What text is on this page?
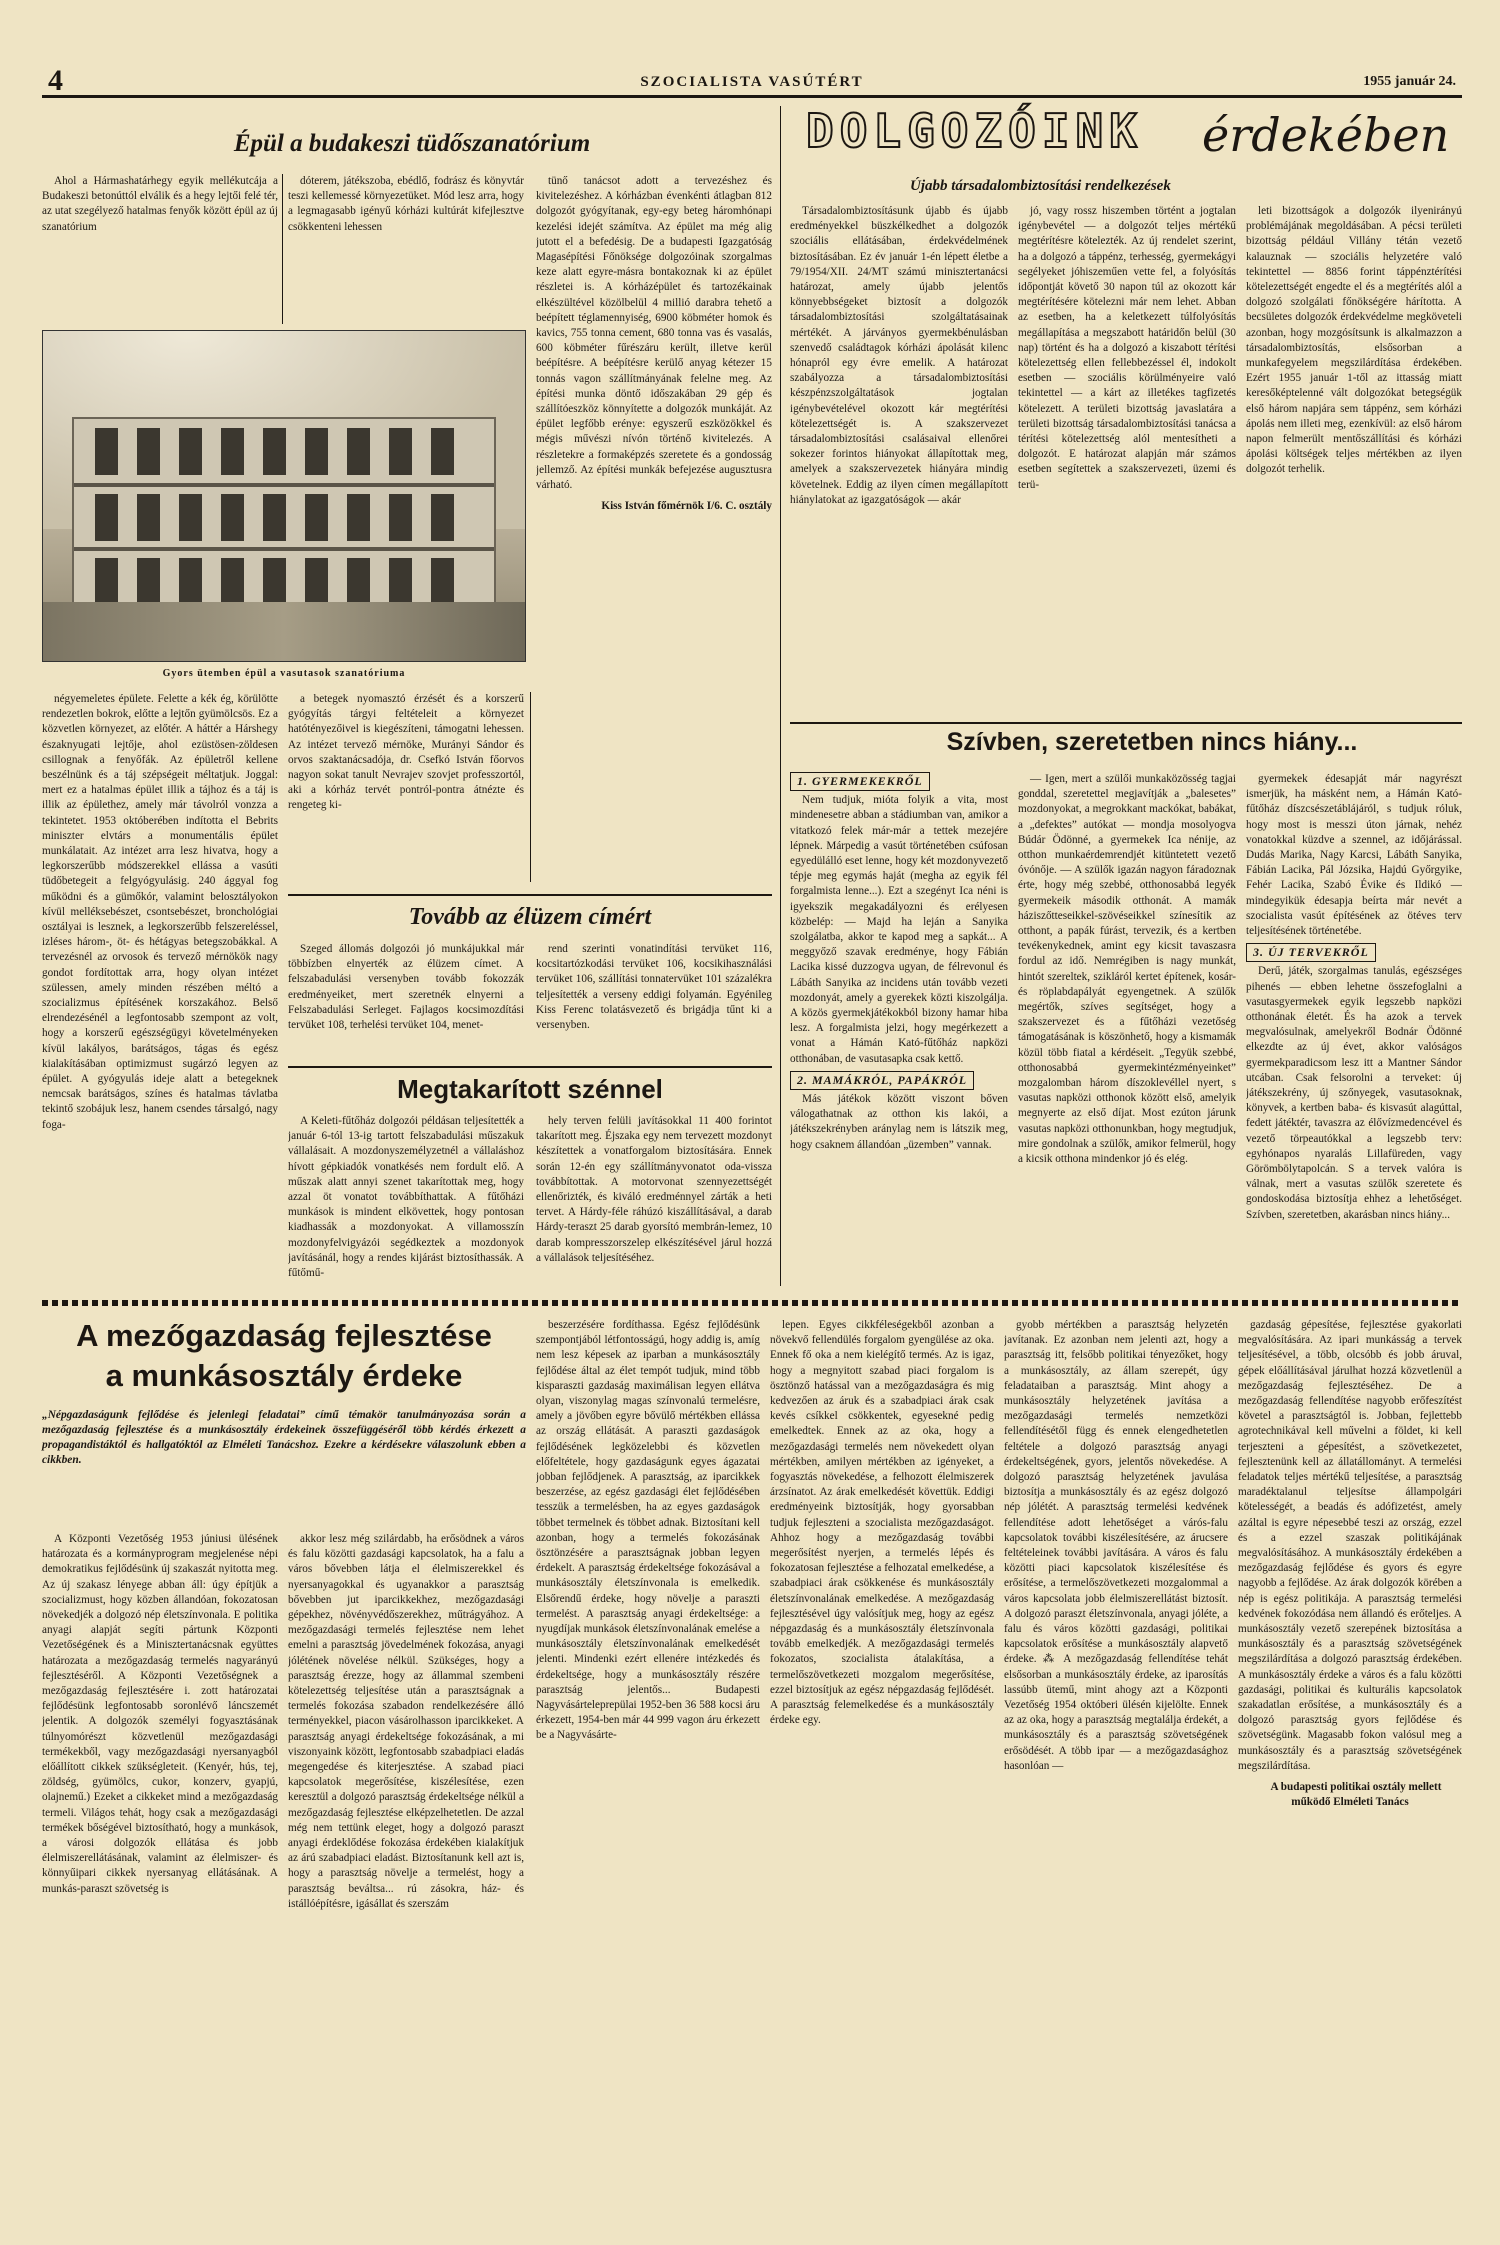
4	SZOCIALISTA VASÚTÉRT	1955 január 24.
Épül a budakeszi tüdőszanatórium

Ahol a Hármashatárhegy egyik mellékutcája a Budakeszi betonúttól elválik és a hegy lejtői felé tér, az utat szegélyező hatalmas fenyők között épül az új szanatórium

dóterem, játékszoba, ebédlő, fodrász és könyvtár teszi kellemessé környezetüket. Mód lesz arra, hogy a legmagasabb igényű kórházi kultúrát kifejlesztve csökkenteni lehessen

Gyors ütemben épül a vasutasok szanatóriuma

tünő tanácsot adott a tervezéshez és kivitelezéshez. A kórházban évenkénti átlagban 812 dolgozót gyógyítanak, egy-egy beteg háromhónapi kezelési idejét számítva. Az épület ma még alig jutott el a befedésig. De a budapesti Igazgatóság Magasépítési Főnöksége dolgozóinak szorgalmas keze alatt egyre-másra bontakoznak ki az épület részletei is. A kórházépület és tartozékainak elkészültével közölbelül 4 millió darabra tehető a beépített téglamennyiség, 6900 köbméter homok és kavics, 755 tonna cement, 680 tonna vas és vasalás, 600 köbméter fűrészáru került, illetve kerül beépítésre. A beépítésre kerülő anyag kétezer 15 tonnás vagon szállítmányának felelne meg. Az építési munka döntő időszakában 29 gép és szállítóeszköz könnyítette a dolgozók munkáját. Az épület legfőbb erénye: egyszerű eszközökkel és mégis művészi nívón történő kivitelezés. A részletekre a formaképzés szeretete és a gondosság jellemző. Az építési munkák befejezése augusztusra várható.

Kiss István főmérnök I/6. C. osztály

négyemeletes épülete. Felette a kék ég, körülötte rendezetlen bokrok, előtte a lejtőn gyümölcsös. Ez a közvetlen környezet, az előtér. A háttér a Hárshegy északnyugati lejtője, ahol ezüstösen-zöldesen csillognak a fenyőfák. Az épületről kellene beszélnünk és a táj szépségeit méltatjuk. Joggal: mert ez a hatalmas épület illik a tájhoz és a táj is illik az épülethez, amely már távolról vonzza a tekintetet. 1953 októberében indította el Bebrits miniszter elvtárs a monumentális épület munkálatait. Az intézet arra lesz hivatva, hogy a legkorszerűbb módszerekkel ellássa a vasúti tüdőbetegeit a felgyógyulásig. 240 ággyal fog működni és a gümőkór, valamint belosztályokon kívül melléksebészet, csontsebészet, bronchológiai osztályai is lesznek, a legkorszerűbb felszereléssel, izléses három-, öt- és hétágyas betegszobákkal. A tervezésnél az orvosok és tervező mérnökök nagy gondot fordítottak arra, hogy olyan intézet szülessen, amely minden részében méltó a szocializmus építésének korszakához. Belső elrendezésénél a legfontosabb szempont az volt, hogy a korszerű egészségügyi követelményeken kívül lakályos, barátságos, tágas és egész kialakításában optimizmust sugárzó legyen az épület. A gyógyulás ideje alatt a betegeknek nemcsak barátságos, színes és hatalmas távlatba tekintő szobájuk lesz, hanem csendes társalgó, nagy foga-

a betegek nyomasztó érzését és a korszerű gyógyítás tárgyi feltételeit a környezet hatótényezőivel is kiegészíteni, támogatni lehessen. Az intézet tervező mérnöke, Murányi Sándor és orvos szaktanácsadója, dr. Csefkó István főorvos nagyon sokat tanult Nevrajev szovjet professzortól, aki a kórház tervét pontról-pontra átnézte és rengeteg ki-

Tovább az élüzem címért

Szeged állomás dolgozói jó munkájukkal már többízben elnyerték az élüzem címet. A felszabadulási versenyben tovább fokozzák eredményeiket, mert szeretnék elnyerni a Felszabadulási Serleget. Fajlagos kocsimozdítási tervüket 108, terhelési tervüket 104, menet-

rend szerinti vonatindítási tervüket 116, kocsitartózkodási tervüket 106, kocsikihasználási tervüket 106, szállítási tonnatervüket 101 százalékra teljesítették a verseny eddigi folyamán. Egyénileg Kiss Ferenc tolatásvezető és brigádja tűnt ki a versenyben.

Megtakarított szénnel

A Keleti-fűtőház dolgozói példásan teljesítették a január 6-tól 13-ig tartott felszabadulási műszakuk vállalásait. A mozdonyszemélyzetnél a vállaláshoz hívott gépkiadók vonatkésés nem fordult elő. A műszak alatt annyi szenet takarítottak meg, hogy azzal öt vonatot továbbíthattak. A fűtőházi munkások is mindent elkövettek, hogy pontosan kiadhassák a mozdonyokat. A villamosszín mozdonyfelvigyázói segédkeztek a mozdonyok javításánál, hogy a rendes kijárást biztosíthassák. A fűtőmű-

hely terven felüli javításokkal 11 400 forintot takarított meg. Éjszaka egy nem tervezett mozdonyt készítettek a vonatforgalom biztosítására. Ennek során 12-én egy szállítmányvonatot oda-vissza továbbítottak. A motorvonat szennyezettségét ellenőrizték, és kiváló eredménnyel zárták a heti tervet. A Hárdy-féle ráhúzó kiszállításával, a darab Hárdy-teraszt 25 darab gyorsító membrán-lemez, 10 darab kompresszorszelep elkészítésével járul hozzá a vállalások teljesítéséhez.

DOLGOZÓINK érdekében
Újabb társadalombiztosítási rendelkezések

Társadalombiztosításunk újabb és újabb eredményekkel büszkélkedhet a dolgozók szociális ellátásában, érdekvédelmének biztosításában. Ez év január 1-én lépett életbe a 79/1954/XII. 24/MT számú minisztertanácsi határozat, amely újabb jelentős könnyebbségeket biztosít a dolgozók társadalombiztosítási szolgáltatásainak mértékét. A járványos gyermekbénulásban szenvedő családtagok kórházi ápolását kilenc hónapról egy évre emelik. A határozat szabályozza a társadalombiztosítási készpénzszolgáltatások jogtalan igénybevételével okozott kár megtérítési kötelezettségét is. A szakszervezet társadalombiztosítási csalásaival ellenőrei sokezer forintos hiányokat állapítottak meg, amelyek a szakszervezetek hiányára mindig követelnek. Eddig az ilyen címen megállapított hiánylatokat az igazgatóságok — akár

jó, vagy rossz hiszemben történt a jogtalan igénybevétel — a dolgozót teljes mértékű megtérítésre kötelezték. Az új rendelet szerint, ha a dolgozó a táppénz, terhesség, gyermekágyi segélyeket jóhiszeműen vette fel, a folyósítás időpontját követő 30 napon túl az okozott kár megtérítésére kötelezni már nem lehet. Abban az esetben, ha a keletkezett túlfolyósítás megállapítása a megszabott határidőn belül (30 nap) történt és ha a dolgozó a kiszabott térítési kötelezettség ellen fellebbezéssel él, indokolt esetben — szociális körülményeire való tekintettel — a kárt az illetékes tagfizetés kötelezett. A területi bizottság javaslatára a területi bizottság társadalombiztosítási tanácsa a térítési kötelezettség alól mentesítheti a dolgozót. E határozat alapján már számos esetben segítettek a szakszervezeti, üzemi és terü-

leti bizottságok a dolgozók ilyenirányú problémájának megoldásában. A pécsi területi bizottság például Villány tétán vezető kalauznak — szociális helyzetére való tekintettel — 8856 forint táppénztérítési kötelezettségét engedte el és a megtérítés alól a dolgozó szolgálati főnökségére hárította. A becsületes dolgozók érdekvédelme megköveteli azonban, hogy mozgósítsunk is alkalmazzon a társadalombiztosítás, elsősorban a munkafegyelem megszilárdítása érdekében. Ezért 1955 január 1-től az ittasság miatt keresőképtelenné vált dolgozókat betegségük első három napjára sem táppénz, sem kórházi ápolás nem illeti meg, ezenkívül: az első három napon felmerült mentőszállítási és kórházi ápolási költségek teljes mértékben az ilyen dolgozót terhelik.

Szívben, szeretetben nincs hiány...
1. GYERMEKEKRŐL

Nem tudjuk, mióta folyik a vita, most mindenesetre abban a stádiumban van, amikor a vitatkozó felek már-már a tettek mezejére lépnek. Márpedig a vasút történetében csúfosan egyedülálló eset lenne, hogy két mozdonyvezető tépje meg egymás haját (megha az egyik fél forgalmista lenne...). Ezt a szegényt Ica néni is igyekszik megakadályozni és erélyesen közbelép: — Majd ha leján a Sanyika szolgálatba, akkor te kapod meg a sapkát... A meggyőző szavak eredménye, hogy Fábián Lacika kissé duzzogva ugyan, de félrevonul és Lábáth Sanyika az incidens után tovább vezeti mozdonyát, amely a gyerekek közti kiszolgálja. A közös gyermekjátékokból bizony hamar hiba lesz. A forgalmista jelzi, hogy megérkezett a vonat a Hámán Kató-fűtőház napközi otthonában, de vasutasapka csak kettő.

2. MAMÁKRÓL, PAPÁKRÓL

Más játékok között viszont bőven válogathatnak az otthon kis lakói, a játékszekrényben aránylag nem is látszik meg, hogy csaknem állandóan „üzemben” vannak.

— Igen, mert a szülői munkaközösség tagjai gonddal, szeretettel megjavítják a „balesetes” mozdonyokat, a megrokkant mackókat, babákat, a „defektes” autókat — mondja mosolyogva Búdár Ödönné, a gyermekek Ica nénije, az otthon munkaérdemrendjét kitüntetett vezető óvónője. — A szülők igazán nagyon fáradoznak érte, hogy még szebbé, otthonosabbá legyék gyermekeik második otthonát. A mamák háziszőtteseikkel-szövéseikkel színesítik az otthont, a papák fúrást, tervezik, és a kertben tevékenykednek, amint egy kicsit tavaszasra fordul az idő. Nemrégiben is nagy munkát, hintót szereltek, szikláról kertet építenek, kosár- és röplabdapályát egyengetnek. A szülők megértők, szíves segítséget, hogy a szakszervezet és a fűtőházi vezetőség támogatásának is köszönhető, hogy a kismamák közül több fiatal a kérdéseit. „Tegyük szebbé, otthonosabbá gyermekintézményeinket” mozgalomban három díszoklevéllel nyert, s vasutas napközi otthonok között első, amelyik megnyerte az első díjat. Most ezúton járunk vasutas napközi otthonunkban, hogy megtudjuk, mire gondolnak a szülők, amikor felmerül, hogy a kicsik otthona mindenkor jó és elég.

gyermekek édesapját már nagyrészt ismerjük, ha másként nem, a Hámán Kató-fűtőház díszcsészetáblájáról, s tudjuk róluk, hogy most is messzi úton járnak, nehéz vonatokkal küzdve a szennel, az időjárással. Dudás Marika, Nagy Karcsi, Lábáth Sanyika, Fábián Lacika, Pál Józsika, Hajdú Győrgyike, Fehér Lacika, Szabó Évike és Ildikó — mindegyikük édesapja beírta már nevét a szocialista vasút építésének az ötéves terv teljesítésének történetébe.

3. ÚJ TERVEKRŐL

Derű, játék, szorgalmas tanulás, egészséges pihenés — ebben lehetne összefoglalni a vasutasgyermekek egyik legszebb napközi otthonának életét. És ha azok a tervek megvalósulnak, amelyekről Bodnár Ödönné elkezdte az új évet, akkor valóságos gyermekparadicsom lesz itt a Mantner Sándor utcában. Csak felsorolni a terveket: új játékszekrény, új szőnyegek, vasutasoknak, könyvek, a kertben baba- és kisvasút alagúttal, fedett játéktér, tavaszra az élővízmedencével és vezető törpeautókkal a legszebb terv: egyhónapos nyaralás Lillafüreden, vagy Görömbölytapolcán. S a tervek valóra is válnak, mert a vasutas szülők szeretete és gondoskodása biztosítja ehhez a lehetőséget. Szívben, szeretetben, akarásban nincs hiány...

A mezőgazdaság fejlesztése
a munkásosztály érdeke
„Népgazdaságunk fejlődése és jelenlegi feladatai” című témakör tanulmányozása során a mezőgazdaság fejlesztése és a munkásosztály érdekeinek összefüggéséről több kérdés érkezett a propagandistáktól és hallgatóktól az Elméleti Tanácshoz. Ezekre a kérdésekre válaszolunk ebben a cikkben.

A Központi Vezetőség 1953 júniusi ülésének határozata és a kormányprogram megjelenése népi demokratikus fejlődésünk új szakaszát nyitotta meg. Az új szakasz lényege abban áll: úgy építjük a szocializmust, hogy közben állandóan, fokozatosan növekedjék a dolgozó nép életszínvonala. E politika anyagi alapját segíti pártunk Központi Vezetőségének és a Minisztertanácsnak együttes határozata a mezőgazdaság termelés nagyarányú fejlesztéséről. A Központi Vezetőségnek a mezőgazdaság fejlesztésére i. zott határozatai fejlődésünk legfontosabb soronlévő láncszemét jelentik. A dolgozók személyi fogyasztásának túlnyomórészt közvetlenül mezőgazdasági termékekből, vagy mezőgazdasági nyersanyagból előállított cikkek szükségleteit. (Kenyér, hús, tej, zöldség, gyümölcs, cukor, konzerv, gyapjú, olajnemű.) Ezeket a cikkeket mind a mezőgazdaság termeli. Világos tehát, hogy csak a mezőgazdasági termékek bőségével biztosítható, hogy a munkások, a városi dolgozók ellátása és jobb élelmiszerellátásának, valamint az élelmiszer- és könnyűipari cikkek nyersanyag ellátásának. A munkás-paraszt szövetség is

akkor lesz még szilárdabb, ha erősödnek a város és falu közötti gazdasági kapcsolatok, ha a falu a város bővebben látja el élelmiszerekkel és nyersanyagokkal és ugyanakkor a parasztság bővebben jut iparcikkekhez, mezőgazdasági gépekhez, növényvédőszerekhez, műtrágyához. A mezőgazdasági termelés fejlesztése nem lehet emelni a parasztság jövedelmének fokozása, anyagi jólétének növelése nélkül. Szükséges, hogy a parasztság érezze, hogy az állammal szembeni kötelezettség teljesítése után a parasztságnak a termelés fokozása szabadon rendelkezésére álló terményekkel, piacon vásárolhasson iparcikkeket. A parasztság anyagi érdekeltsége fokozásának, a mi viszonyaink között, legfontosabb szabadpiaci eladás megengedése és kiterjesztése. A szabad piaci kapcsolatok megerősítése, kiszélesítése, ezen keresztül a dolgozó parasztság érdekeltsége nélkül a mezőgazdaság fejlesztése elképzelhetetlen. De azzal még nem tettünk eleget, hogy a dolgozó paraszt anyagi érdeklődése fokozása érdekében kialakítjuk az árú szabadpiaci eladást. Biztosítanunk kell azt is, hogy a parasztság növelje a termelést, hogy a parasztság beváltsa... rú zásokra, ház- és istállóépítésre, igásállat és szerszám

beszerzésére fordíthassa. Egész fejlődésünk szempontjából létfontosságú, hogy addig is, amíg nem lesz képesek az iparban a munkásosztály fejlődése által az élet tempót tudjuk, mind több kisparaszti gazdaság maximálisan legyen ellátva olyan, viszonylag magas színvonalú termelésre, amely a jövőben egyre bővülő mértékben ellássa az ország ellátását. A paraszti gazdaságok fejlődésének legközelebbi és közvetlen előfeltétele, hogy gazdaságunk egyes ágazatai jobban fejlődjenek. A parasztság, az iparcikkek beszerzése, az egész gazdasági élet fejlődésében tesszük a termelésben, ha az egyes gazdaságok többet termelnek és többet adnak. Biztosítani kell azonban, hogy a termelés fokozásának ösztönzésére a parasztságnak jobban legyen érdekelt. A parasztság érdekeltsége fokozásával a munkásosztály életszínvonala is emelkedik. Elsőrendű érdeke, hogy növelje a paraszti termelést. A parasztság anyagi érdekeltsége: a nyugdíjak munkások életszínvonalának emelése a munkásosztály életszínvonalának emelkedését jelenti. Mindenki ezért ellenére intézkedés és érdekeltsége, hogy a munkásosztály részére parasztság jelentős... Budapesti Nagyvásárteleprepülai 1952-ben 36 588 kocsi áru érkezett, 1954-ben már 44 999 vagon áru érkezett be a Nagyvásárte-

lepen. Egyes cikkféleségekből azonban a növekvő fellendülés forgalom gyengülése az oka. Ennek fő oka a nem kielégítő termés. Az is igaz, hogy a megnyitott szabad piaci forgalom is ösztönző hatással van a mezőgazdaságra és mig kedvezően az áruk és a szabadpiaci árak csak kevés csíkkel csökkentek, egyesekné pedig emelkedtek. Ennek az az oka, hogy a mezőgazdasági termelés nem növekedett olyan mértékben, amilyen mértékben az igényeket, a fogyasztás növekedése, a felhozott élelmiszerek árzsínatot. Az árak emelkedését követtük. Eddigi eredményeink biztosítják, hogy gyorsabban tudjuk fejleszteni a szocialista mezőgazdaságot. Ahhoz hogy a mezőgazdaság további megerősítést nyerjen, a termelés lépés és fokozatosan fejlesztése a felhozatal emelkedése, a szabadpiaci árak csökkenése és munkásosztály életszínvonalának emelkedése. A mezőgazdaság fejlesztésével úgy valósítjuk meg, hogy az egész népgazdaság és a munkásosztály életszínvonala tovább emelkedjék. A mezőgazdasági termelés fokozatos, szocialista átalakítása, a termelőszövetkezeti mozgalom megerősítése, ezzel biztosítjuk az egész népgazdaság fejlődését. A parasztság felemelkedése és a munkásosztály érdeke egy.

gyobb mértékben a parasztság helyzetén javítanak. Ez azonban nem jelenti azt, hogy a parasztság itt, felsőbb politikai tényezőket, hogy a munkásosztály, az állam szerepét, úgy feladataiban a parasztság. Mint ahogy a munkásosztály helyzetének javítása a mezőgazdasági termelés nemzetközi fellendítésétől függ és ennek elengedhetetlen feltétele a dolgozó parasztság anyagi érdekeltségének, gyors, jelentős növekedése. A dolgozó parasztság helyzetének javulása biztosítja a munkásosztály és az egész dolgozó nép jólétét. A parasztság termelési kedvének fellendítése adott lehetőséget a várós-falu kapcsolatok további kiszélesítésére, az árucsere feltételeinek további javítására. A város és falu közötti piaci kapcsolatok kiszélesítése és erősítése, a termelőszövetkezeti mozgalommal a város kapcsolata jobb élelmiszerellátást biztosít. A dolgozó paraszt életszínvonala, anyagi jóléte, a falu és város közötti gazdasági, politikai kapcsolatok erősítése a munkásosztály alapvető érdeke. ⁂ A mezőgazdaság fellendítése tehát elsősorban a munkásosztály érdeke, az iparosítás lassúbb ütemű, mint ahogy azt a Központi Vezetőség 1954 októberi ülésén kijelölte. Ennek az az oka, hogy a parasztság megtalálja érdekét, a munkásosztály és a parasztság szövetségének erősödését. A több ipar — a mezőgazdasághoz hasonlóan —

gazdaság gépesítése, fejlesztése gyakorlati megvalósítására. Az ipari munkásság a tervek teljesítésével, a több, olcsóbb és jobb áruval, gépek előállításával járulhat hozzá közvetlenül a mezőgazdaság fejlesztéséhez. De a mezőgazdaság fellendítése nagyobb erőfeszítést követel a parasztságtól is. Jobban, fejlettebb agrotechnikával kell művelni a földet, ki kell terjeszteni a gépesítést, a szövetkezetet, fejlesztenünk kell az állatállományt. A termelési feladatok teljes mértékű teljesítése, a parasztság maradéktalanul teljesítse állampolgári kötelességét, a beadás és adófizetést, amely azáltal is egyre népesebbé teszi az ország, ezzel és a ezzel szaszak politikájának megvalósításához. A munkásosztály érdekében a mezőgazdaság fejlődése és gyors és egyre nagyobb a fejlődése. Az árak dolgozók körében a nép is egész politikája. A parasztság termelési kedvének fokozódása nem állandó és erőteljes. A munkásosztály vezető szerepének biztosítása a munkásosztály és a parasztság szövetségének megszilárdítása a dolgozó parasztság érdekében. A munkásosztály érdeke a város és a falu közötti gazdasági, politikai és kulturális kapcsolatok szakadatlan erősítése, a munkásosztály és a dolgozó parasztság gyors fejlődése és szövetségünk. Magasabb fokon valósul meg a munkásosztály és a parasztság szövetségének megszilárdítása.

A budapesti politikai osztály mellett működő Elméleti Tanács
